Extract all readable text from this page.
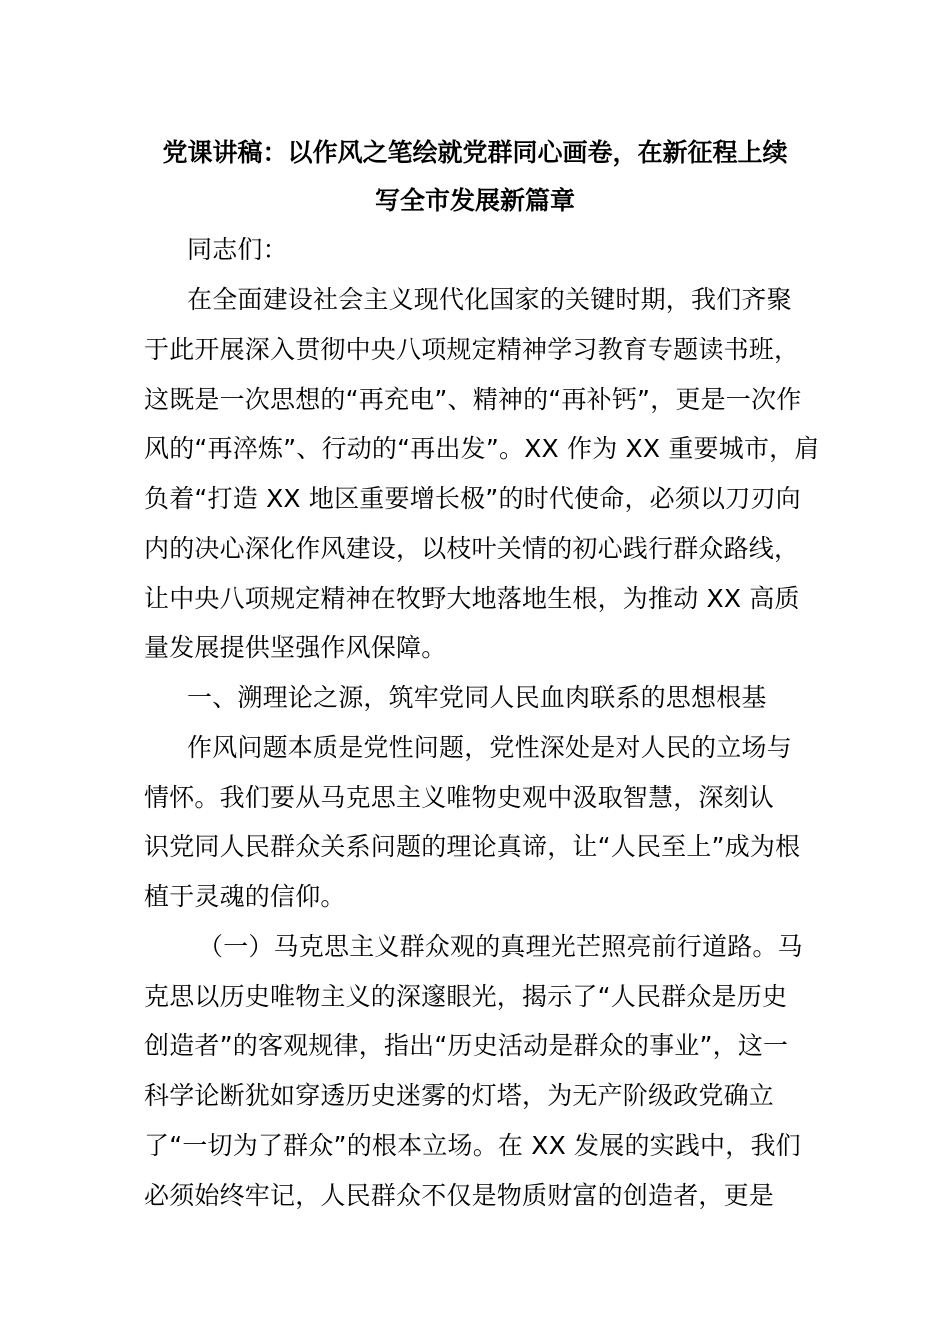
党课讲稿：以作风之笔绘就党群同心画卷，在新征程上续
写全市发展新篇章
同志们：
在全面建设社会主义现代化国家的关键时期，我们齐聚
于此开展深入贯彻中央八项规定精神学习教育专题读书班，
这既是一次思想的“再充电”、精神的“再补钙”，更是一次作
风的“再淬炼”、行动的“再出发”。XX 作为 XX 重要城市，肩
负着“打造 XX 地区重要增长极”的时代使命，必须以刀刃向
内的决心深化作风建设，以枝叶关情的初心践行群众路线，
让中央八项规定精神在牧野大地落地生根，为推动 XX 高质
量发展提供坚强作风保障。
一、溯理论之源，筑牢党同人民血肉联系的思想根基
作风问题本质是党性问题，党性深处是对人民的立场与
情怀。我们要从马克思主义唯物史观中汲取智慧，深刻认
识党同人民群众关系问题的理论真谛，让“人民至上”成为根
植于灵魂的信仰。
（一）马克思主义群众观的真理光芒照亮前行道路。马
克思以历史唯物主义的深邃眼光，揭示了“人民群众是历史
创造者”的客观规律，指出“历史活动是群众的事业”，这一
科学论断犹如穿透历史迷雾的灯塔，为无产阶级政党确立
了“一切为了群众”的根本立场。在 XX 发展的实践中，我们
必须始终牢记，人民群众不仅是物质财富的创造者，更是
